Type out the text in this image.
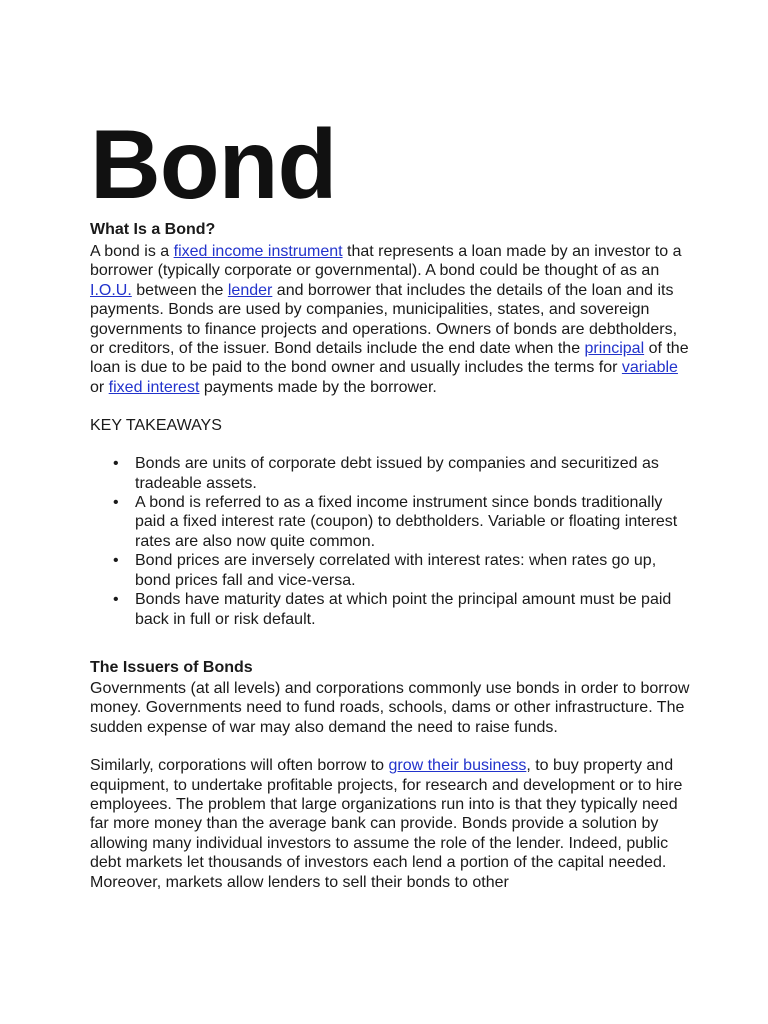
Bond
What Is a Bond?

A bond is a fixed income instrument that represents a loan made by an investor to a borrower (typically corporate or governmental). A bond could be thought of as an I.O.U. between the lender and borrower that includes the details of the loan and its payments. Bonds are used by companies, municipalities, states, and sovereign governments to finance projects and operations. Owners of bonds are debtholders, or creditors, of the issuer. Bond details include the end date when the principal of the loan is due to be paid to the bond owner and usually includes the terms for variable or fixed interest payments made by the borrower.

KEY TAKEAWAYS

• Bonds are units of corporate debt issued by companies and securitized as tradeable assets.
• A bond is referred to as a fixed income instrument since bonds traditionally paid a fixed interest rate (coupon) to debtholders. Variable or floating interest rates are also now quite common.
• Bond prices are inversely correlated with interest rates: when rates go up, bond prices fall and vice-versa.
• Bonds have maturity dates at which point the principal amount must be paid back in full or risk default.
The Issuers of Bonds

Governments (at all levels) and corporations commonly use bonds in order to borrow money. Governments need to fund roads, schools, dams or other infrastructure. The sudden expense of war may also demand the need to raise funds.

Similarly, corporations will often borrow to grow their business, to buy property and equipment, to undertake profitable projects, for research and development or to hire employees. The problem that large organizations run into is that they typically need far more money than the average bank can provide. Bonds provide a solution by allowing many individual investors to assume the role of the lender. Indeed, public debt markets let thousands of investors each lend a portion of the capital needed. Moreover, markets allow lenders to sell their bonds to other
